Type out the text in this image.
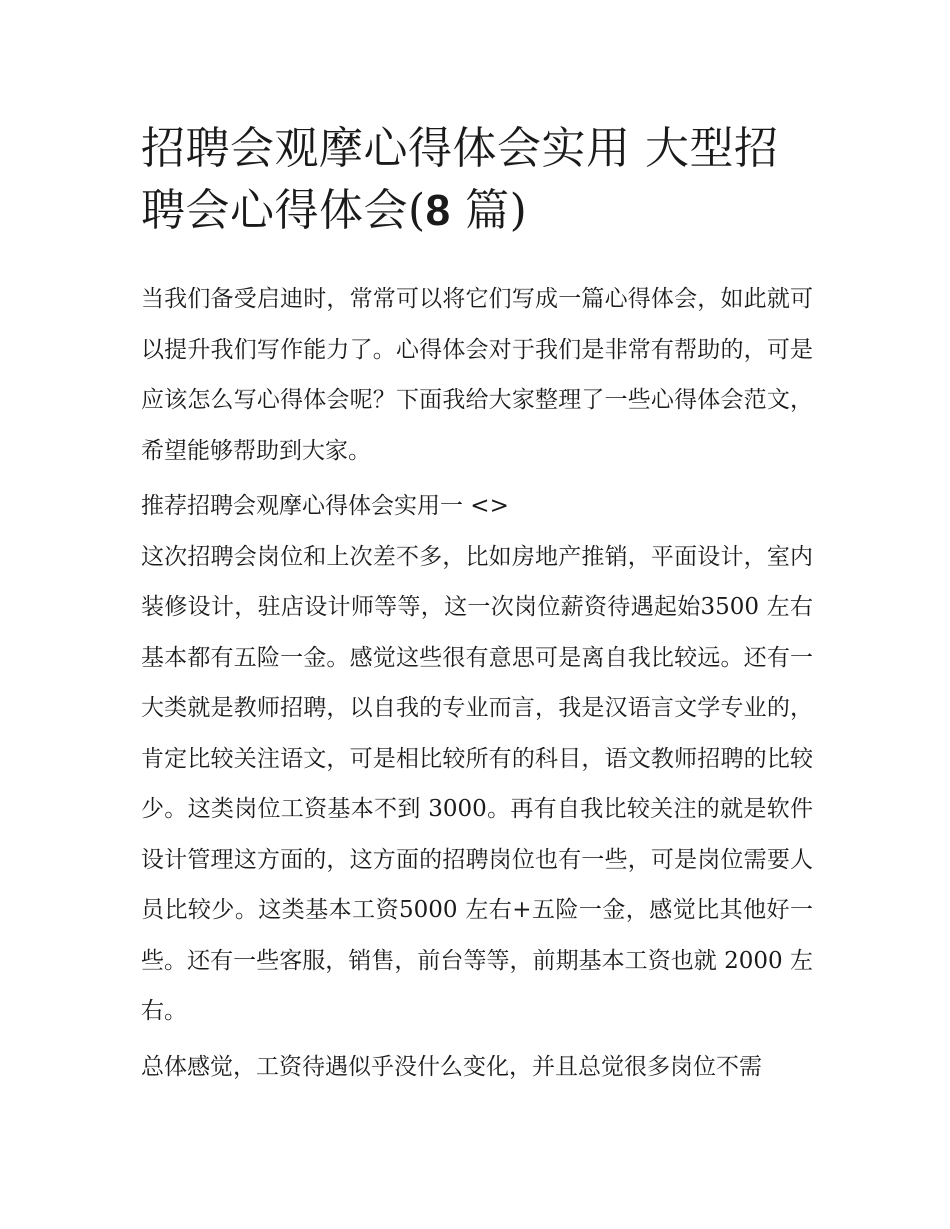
招聘会观摩心得体会实用 大型招聘会心得体会(8 篇)

当我们备受启迪时，常常可以将它们写成一篇心得体会，如此就可以提升我们写作能力了。心得体会对于我们是非常有帮助的，可是应该怎么写心得体会呢？下面我给大家整理了一些心得体会范文，希望能够帮助到大家。

推荐招聘会观摩心得体会实用一 <>

这次招聘会岗位和上次差不多，比如房地产推销，平面设计，室内装修设计，驻店设计师等等，这一次岗位薪资待遇起始3500 左右基本都有五险一金。感觉这些很有意思可是离自我比较远。还有一大类就是教师招聘，以自我的专业而言，我是汉语言文学专业的，肯定比较关注语文，可是相比较所有的科目，语文教师招聘的比较少。这类岗位工资基本不到 3000。再有自我比较关注的就是软件设计管理这方面的，这方面的招聘岗位也有一些，可是岗位需要人员比较少。这类基本工资5000 左右+五险一金，感觉比其他好一些。还有一些客服，销售，前台等等，前期基本工资也就 2000 左右。

总体感觉，工资待遇似乎没什么变化，并且总觉很多岗位不需
